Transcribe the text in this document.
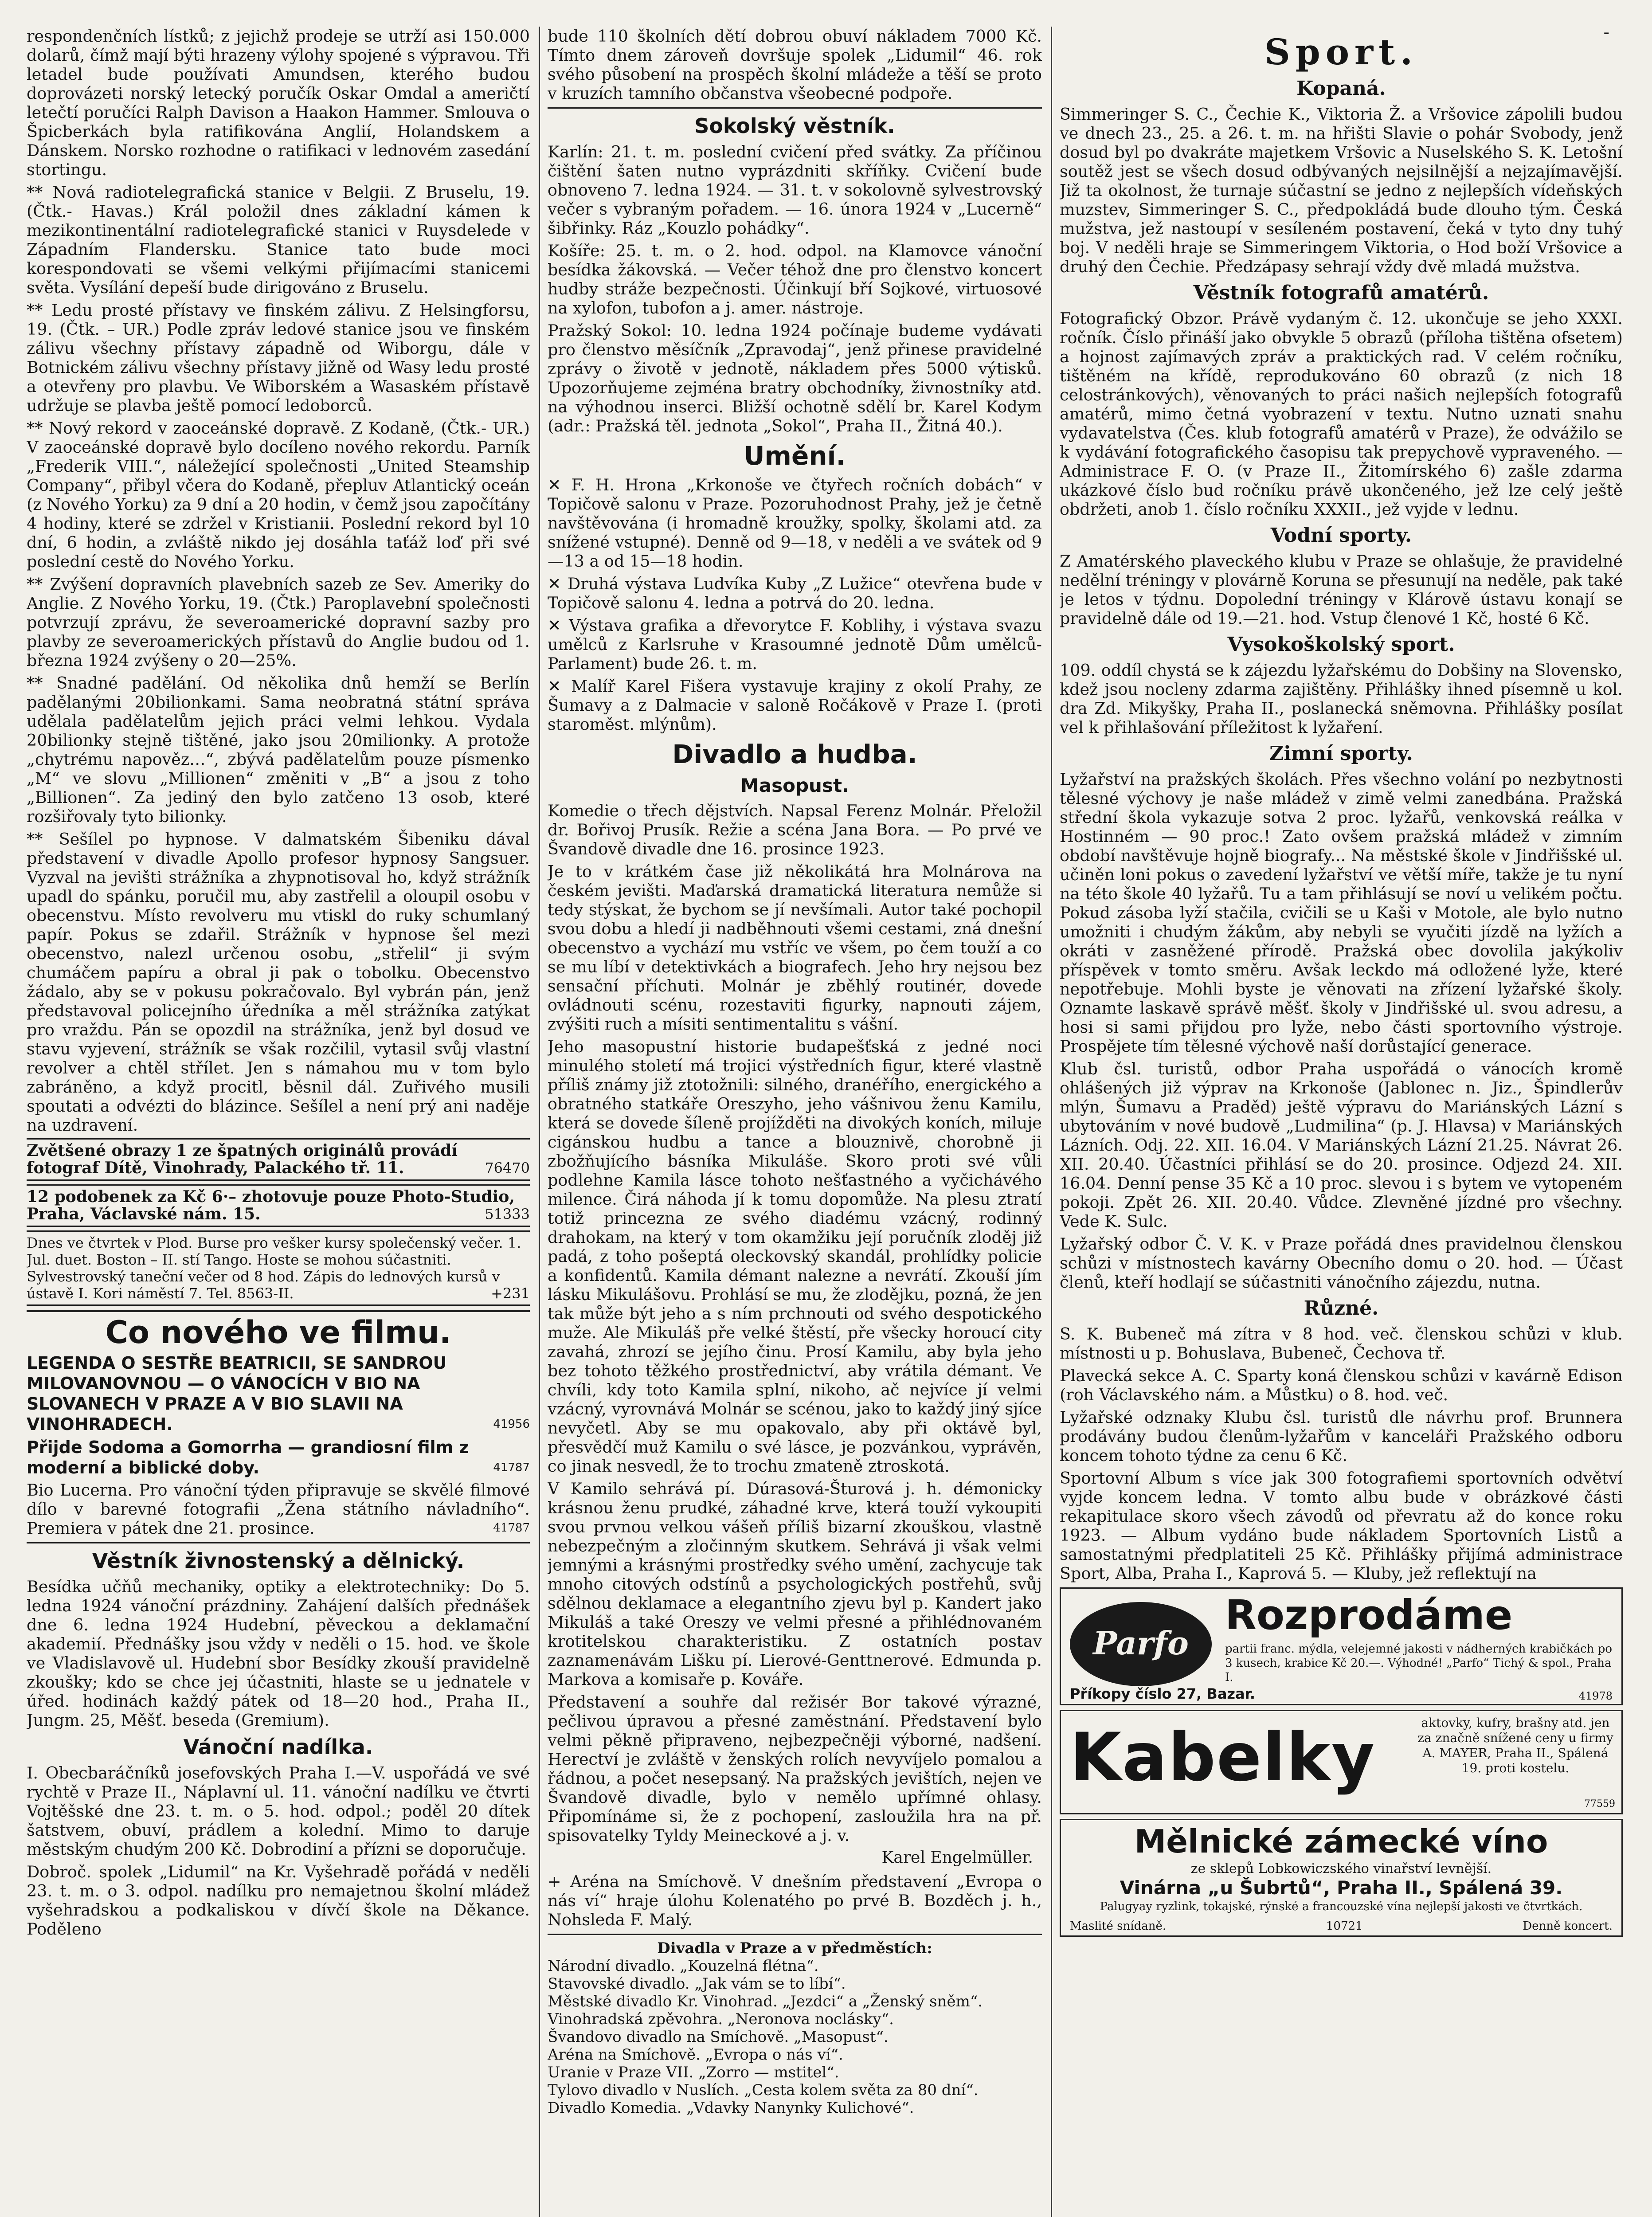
-

respondenčních lístků; z jejichž prodeje se utrží asi 150.000 dolarů, čímž mají býti hrazeny výlohy spojené s výpravou. Tři letadel bude používati Amundsen, kterého budou doprovázeti norský letecký poručík Oskar Omdal a američtí letečtí poručíci Ralph Davison a Haakon Hammer. Smlouva o Špicberkách byla ratifikována Anglií, Holandskem a Dánskem. Norsko rozhodne o ratifikaci v lednovém zasedání stortingu.

** Nová radiotelegrafická stanice v Belgii. Z Bruselu, 19. (Čtk.- Havas.) Král položil dnes základní kámen k mezikontinentální radiotelegrafické stanici v Ruysdelede v Západním Flandersku. Stanice tato bude moci korespondovati se všemi velkými přijímacími stanicemi světa. Vysílání depeší bude dirigováno z Bruselu.

** Ledu prosté přístavy ve finském zálivu. Z Helsingforsu, 19. (Čtk. – UR.) Podle zpráv ledové stanice jsou ve finském zálivu všechny přístavy západně od Wiborgu, dále v Botnickém zálivu všechny přístavy jižně od Wasy ledu prosté a otevřeny pro plavbu. Ve Wiborském a Wasaském přístavě udržuje se plavba ještě pomocí ledoborců.

** Nový rekord v zaoceánské dopravě. Z Kodaně, (Čtk.- UR.) V zaoceánské dopravě bylo docíleno nového rekordu. Parník „Frederik VIII.“, náležející společnosti „United Steamship Company“, přibyl včera do Kodaně, přepluv Atlantický oceán (z Nového Yorku) za 9 dní a 20 hodin, v čemž jsou započítány 4 hodiny, které se zdržel v Kristianii. Poslední rekord byl 10 dní, 6 hodin, a zvláště nikdo jej dosáhla taťáž loď při své poslední cestě do Nového Yorku.

** Zvýšení dopravních plavebních sazeb ze Sev. Ameriky do Anglie. Z Nového Yorku, 19. (Čtk.) Paroplavební společnosti potvrzují zprávu, že severoamerické dopravní sazby pro plavby ze severoamerických přístavů do Anglie budou od 1. března 1924 zvýšeny o 20—25%.

** Snadné padělání. Od několika dnů hemží se Berlín padělanými 20bilionkami. Sama neobratná státní správa udělala padělatelům jejich práci velmi lehkou. Vydala 20bilionky stejně tištěné, jako jsou 20milionky. A protože „chytrému napověz…“, zbývá padělatelům pouze písmenko „M“ ve slovu „Millionen“ změniti v „B“ a jsou z toho „Billionen“. Za jediný den bylo zatčeno 13 osob, které rozšiřovaly tyto bilionky.

** Sešílel po hypnose. V dalmatském Šibeniku dával představení v divadle Apollo profesor hypnosy Sangsuer. Vyzval na jevišti strážníka a zhypnotisoval ho, když strážník upadl do spánku, poručil mu, aby zastřelil a oloupil osobu v obecenstvu. Místo revolveru mu vtiskl do ruky schumlaný papír. Pokus se zdařil. Strážník v hypnose šel mezi obecenstvo, nalezl určenou osobu, „střelil“ ji svým chumáčem papíru a obral ji pak o tobolku. Obecenstvo žádalo, aby se v pokusu pokračovalo. Byl vybrán pán, jenž představoval policejního úředníka a měl strážníka zatýkat pro vraždu. Pán se opozdil na strážníka, jenž byl dosud ve stavu vyjevení, strážník se však rozčilil, vytasil svůj vlastní revolver a chtěl střílet. Jen s námahou mu v tom bylo zabráněno, a když procitl, běsnil dál. Zuřivého musili spoutati a odvézti do blázince. Sešílel a není prý ani naděje na uzdravení.

Zvětšené obrazy 1 ze špatných originálů provádí fotograf Dítě, Vinohrady, Palackého tř. 11.	76470
12 podobenek za Kč 6·– zhotovuje pouze Photo-Studio, Praha, Václavské nám. 15.	51333
Dnes ve čtvrtek v Plod. Burse pro vešker kursy společenský večer. 1. Jul. duet. Boston – II. stí Tango. Hoste se mohou súčastniti. Sylvestrovský taneční večer od 8 hod. Zápis do lednových kursů v ústavě I. Kori náměstí 7. Tel. 8563-II.	+231
Co nového ve filmu.
LEGENDA O SESTŘE BEATRICII, SE SANDROU MILOVANOVNOU — O VÁNOCÍCH V BIO NA SLOVANECH V PRAZE A V BIO SLAVII NA VINOHRADECH.	41956
Přijde Sodoma a Gomorrha — grandiosní film z moderní a biblické doby.	41787

Bio Lucerna. Pro vánoční týden připravuje se skvělé filmové dílo v barevné fotografii „Žena státního návladního“. Premiera v pátek dne 21. prosince.	41787

Věstník živnostenský a dělnický.

Besídka učňů mechaniky, optiky a elektrotechniky: Do 5. ledna 1924 vánoční prázdniny. Zahájení dalších přednášek dne 6. ledna 1924 Hudební, pěveckou a deklamační akademií. Přednášky jsou vždy v neděli o 15. hod. ve škole ve Vladislavově ul. Hudební sbor Besídky zkouší pravidelně zkoušky; kdo se chce jej účastniti, hlaste se u jednatele v úřed. hodinách každý pátek od 18—20 hod., Praha II., Jungm. 25, Měšť. beseda (Gremium).

Vánoční nadílka.

I. Obecbaráčníků josefovských Praha I.—V. uspořádá ve své rychtě v Praze II., Náplavní ul. 11. vánoční nadílku ve čtvrti Vojtěšské dne 23. t. m. o 5. hod. odpol.; poděl 20 dítek šatstvem, obuví, prádlem a kolední. Mimo to daruje městským chudým 200 Kč. Dobrodiní a přízni se doporučuje.

Dobroč. spolek „Lidumil“ na Kr. Vyšehradě pořádá v neděli 23. t. m. o 3. odpol. nadílku pro nemajetnou školní mládež vyšehradskou a podkaliskou v dívčí škole na Děkance. Poděleno

bude 110 školních dětí dobrou obuví nákladem 7000 Kč. Tímto dnem zároveň dovršuje spolek „Lidumil“ 46. rok svého působení na prospěch školní mládeže a těší se proto v kruzích tamního občanstva všeobecné podpoře.

Sokolský věstník.

Karlín: 21. t. m. poslední cvičení před svátky. Za příčinou čištění šaten nutno vyprázdniti skříňky. Cvičení bude obnoveno 7. ledna 1924. — 31. t. v sokolovně sylvestrovský večer s vybraným pořadem. — 16. února 1924 v „Lucerně“ šibřinky. Ráz „Kouzlo pohádky“.

Košíře: 25. t. m. o 2. hod. odpol. na Klamovce vánoční besídka žákovská. — Večer téhož dne pro členstvo koncert hudby stráže bezpečnosti. Účinkují bří Sojkové, virtuosové na xylofon, tubofon a j. amer. nástroje.

Pražský Sokol: 10. ledna 1924 počínaje budeme vydávati pro členstvo měsíčník „Zpravodaj“, jenž přinese pravidelné zprávy o životě v jednotě, nákladem přes 5000 výtisků. Upozorňujeme zejména bratry obchodníky, živnostníky atd. na výhodnou inserci. Bližší ochotně sdělí br. Karel Kodym (adr.: Pražská těl. jednota „Sokol“, Praha II., Žitná 40.).

Umění.

✕ F. H. Hrona „Krkonoše ve čtyřech ročních dobách“ v Topičově salonu v Praze. Pozoruhodnost Prahy, jež je četně navštěvována (i hromadně kroužky, spolky, školami atd. za snížené vstupné). Denně od 9—18, v neděli a ve svátek od 9—13 a od 15—18 hodin.

✕ Druhá výstava Ludvíka Kuby „Z Lužice“ otevřena bude v Topičově salonu 4. ledna a potrvá do 20. ledna.

✕ Výstava grafika a dřevorytce F. Koblihy, i výstava svazu umělců z Karlsruhe v Krasoumné jednotě Dům umělců-Parlament) bude 26. t. m.

✕ Malíř Karel Fišera vystavuje krajiny z okolí Prahy, ze Šumavy a z Dalmacie v saloně Ročákově v Praze I. (proti staroměst. mlýnům).

Divadlo a hudba.
Masopust.

Komedie o třech dějstvích. Napsal Ferenz Molnár. Přeložil dr. Bořivoj Prusík. Režie a scéna Jana Bora. — Po prvé ve Švandově divadle dne 16. prosince 1923.

Je to v krátkém čase již několikátá hra Molnárova na českém jevišti. Maďarská dramatická literatura nemůže si tedy stýskat, že bychom se jí nevšímali. Autor také pochopil svou dobu a hledí ji nadběhnouti všemi cestami, zná dnešní obecenstvo a vychází mu vstříc ve všem, po čem touží a co se mu líbí v detektivkách a biografech. Jeho hry nejsou bez sensační příchuti. Molnár je zběhlý routinér, dovede ovládnouti scénu, rozestaviti figurky, napnouti zájem, zvýšiti ruch a mísiti sentimentalitu s vášní.

Jeho masopustní historie budapešťská z jedné noci minulého století má trojici výstředních figur, které vlastně příliš známy již ztotožnili: silného, dranéřího, energického a obratného statkáře Oreszyho, jeho vášnivou ženu Kamilu, která se dovede šíleně projížděti na divokých koních, miluje cigánskou hudbu a tance a blouznivě, chorobně ji zbožňujícího básníka Mikuláše. Skoro proti své vůli podlehne Kamila lásce tohoto nešťastného a vyčichávého milence. Čirá náhoda jí k tomu dopomůže. Na plesu ztratí totiž princezna ze svého diadému vzácný, rodinný drahokam, na který v tom okamžiku její poručník zloděj již padá, z toho pošeptá oleckovský skandál, prohlídky policie a konfidentů. Kamila démant nalezne a nevrátí. Zkouší jím lásku Mikulášovu. Prohlásí se mu, že zlodějku, pozná, že jen tak může být jeho a s ním prchnouti od svého despotického muže. Ale Mikuláš pře velké štěstí, pře všecky horoucí city zavahá, zhrozí se jejího činu. Prosí Kamilu, aby byla jeho bez tohoto těžkého prostřednictví, aby vrátila démant. Ve chvíli, kdy toto Kamila splní, nikoho, ač nejvíce jí velmi vzácný, vyrovnává Molnár se scénou, jako to každý jiný sjíce nevyčetl. Aby se mu opakovalo, aby při oktávě byl, přesvědčí muž Kamilu o své lásce, je pozvánkou, vyprávěn, co jinak nesvedl, že to trochu zmateně ztroskotá.

V Kamilo sehrává pí. Dúrasová-Šturová j. h. démonicky krásnou ženu prudké, záhadné krve, která touží vykoupiti svou prvnou velkou vášeň příliš bizarní zkouškou, vlastně nebezpečným a zločinným skutkem. Sehrává ji však velmi jemnými a krásnými prostředky svého umění, zachycuje tak mnoho citových odstínů a psychologických postřehů, svůj sdělnou deklamace a elegantního zjevu byl p. Kandert jako Mikuláš a také Oreszy ve velmi přesné a přihlédnovaném krotitelskou charakteristiku. Z ostatních postav zaznamenávám Lišku pí. Lierové-Genttnerové. Edmunda p. Markova a komisaře p. Kováře.

Představení a souhře dal režisér Bor takové výrazné, pečlivou úpravou a přesné zaměstnání. Představení bylo velmi pěkně připraveno, nejbezpečněji výborné, nadšení. Herectví je zvláště v ženských rolích nevyvíjelo pomalou a řádnou, a počet nesepsaný. Na pražských jevištích, nejen ve Švandově divadle, bylo v nemělo upřímné ohlasy. Připomínáme si, že z pochopení, zasloužila hra na př. spisovatelky Tyldy Meineckové a j. v.

Karel Engelmüller.

+ Aréna na Smíchově. V dnešním představení „Evropa o nás ví“ hraje úlohu Kolenatého po prvé B. Bozděch j. h., Nohsleda F. Malý.

Divadla v Praze a v předměstích:

Národní divadlo. „Kouzelná flétna“.

Stavovské divadlo. „Jak vám se to líbí“.

Městské divadlo Kr. Vinohrad. „Jezdci“ a „Ženský sněm“.

Vinohradská zpěvohra. „Neronova noclásky“.

Švandovo divadlo na Smíchově. „Masopust“.

Aréna na Smíchově. „Evropa o nás ví“.

Uranie v Praze VII. „Zorro — mstitel“.

Tylovo divadlo v Nuslích. „Cesta kolem světa za 80 dní“.

Divadlo Komedia. „Vdavky Nanynky Kulichové“.

Sport.
Kopaná.

Simmeringer S. C., Čechie K., Viktoria Ž. a Vršovice zápolili budou ve dnech 23., 25. a 26. t. m. na hřišti Slavie o pohár Svobody, jenž dosud byl po dvakráte majetkem Vršovic a Nuselského S. K. Letošní soutěž jest se všech dosud odbývaných nejsilnější a nejzajímavější. Již ta okolnost, že turnaje súčastní se jedno z nejlepších vídeňských muzstev, Simmeringer S. C., předpokládá bude dlouho tým. Česká mužstva, jež nastoupí v sesíleném postavení, čeká v tyto dny tuhý boj. V neděli hraje se Simmeringem Viktoria, o Hod boží Vršovice a druhý den Čechie. Předzápasy sehrají vždy dvě mladá mužstva.

Věstník fotografů amatérů.

Fotografický Obzor. Právě vydaným č. 12. ukončuje se jeho XXXI. ročník. Číslo přináší jako obvykle 5 obrazů (příloha tištěna ofsetem) a hojnost zajímavých zpráv a praktických rad. V celém ročníku, tištěném na křídě, reprodukováno 60 obrazů (z nich 18 celostránkových), věnovaných to práci našich nejlepších fotografů amatérů, mimo četná vyobrazení v textu. Nutno uznati snahu vydavatelstva (Čes. klub fotografů amatérů v Praze), že odvážilo se k vydávání fotografického časopisu tak prepychově vypraveného. — Administrace F. O. (v Praze II., Žitomírského 6) zašle zdarma ukázkové číslo bud ročníku právě ukončeného, jež lze celý ještě obdržeti, anob 1. číslo ročníku XXXII., jež vyjde v lednu.

Vodní sporty.

Z Amatérského plaveckého klubu v Praze se ohlašuje, že pravidelné nedělní tréningy v plovárně Koruna se přesunují na neděle, pak také je letos v týdnu. Dopolední tréningy v Klárově ústavu konají se pravidelně dále od 19.—21. hod. Vstup členové 1 Kč, hosté 6 Kč.

Vysokoškolský sport.

109. oddíl chystá se k zájezdu lyžařskému do Dobšiny na Slovensko, kdež jsou nocleny zdarma zajištěny. Přihlášky ihned písemně u kol. dra Zd. Mikyšky, Praha II., poslanecká sněmovna. Přihlášky posílat vel k přihlašování příležitost k lyžaření.

Zimní sporty.

Lyžařství na pražských školách. Přes všechno volání po nezbytnosti tělesné výchovy je naše mládež v zimě velmi zanedbána. Pražská střední škola vykazuje sotva 2 proc. lyžařů, venkovská reálka v Hostinném — 90 proc.! Zato ovšem pražská mládež v zimním období navštěvuje hojně biografy... Na městské škole v Jindřišské ul. učiněn loni pokus o zavedení lyžařství ve větší míře, takže je tu nyní na této škole 40 lyžařů. Tu a tam přihlásují se noví u velikém počtu. Pokud zásoba lyží stačila, cvičili se u Kaši v Motole, ale bylo nutno umožniti i chudým žákům, aby nebyli se vyučiti jízdě na lyžích a okráti v zasněžené přírodě. Pražská obec dovolila jakýkoliv příspěvek v tomto směru. Avšak leckdo má odložené lyže, které nepotřebuje. Mohli byste je věnovati na zřízení lyžařské školy. Oznamte laskavě správě měšť. školy v Jindřišské ul. svou adresu, a hosi si sami přijdou pro lyže, nebo části sportovního výstroje. Prospějete tím tělesné výchově naší dorůstající generace.

Klub čsl. turistů, odbor Praha uspořádá o vánocích kromě ohlášených již výprav na Krkonoše (Jablonec n. Jiz., Špindlerův mlýn, Šumavu a Praděd) ještě výpravu do Mariánských Lázní s ubytováním v nové budově „Ludmilina“ (p. J. Hlavsa) v Mariánských Lázních. Odj. 22. XII. 16.04. V Mariánských Lázní 21.25. Návrat 26. XII. 20.40. Účastníci přihlásí se do 20. prosince. Odjezd 24. XII. 16.04. Denní pense 35 Kč a 10 proc. slevou i s bytem ve vytopeném pokoji. Zpět 26. XII. 20.40. Vůdce. Zlevněné jízdné pro všechny. Vede K. Sulc.

Lyžařský odbor Č. V. K. v Praze pořádá dnes pravidelnou členskou schůzi v místnostech kavárny Obecního domu o 20. hod. — Účast členů, kteří hodlají se súčastniti vánočního zájezdu, nutna.

Různé.

S. K. Bubeneč má zítra v 8 hod. več. členskou schůzi v klub. místnosti u p. Bohuslava, Bubeneč, Čechova tř.

Plavecká sekce A. C. Sparty koná členskou schůzi v kavárně Edison (roh Václavského nám. a Můstku) o 8. hod. več.

Lyžařské odznaky Klubu čsl. turistů dle návrhu prof. Brunnera prodávány budou členům-lyžařům v kanceláři Pražského odboru koncem tohoto týdne za cenu 6 Kč.

Sportovní Album s více jak 300 fotografiemi sportovních odvětví vyjde koncem ledna. V tomto albu bude v obrázkové části rekapitulace skoro všech závodů od převratu až do konce roku 1923. — Album vydáno bude nákladem Sportovních Listů a samostatnými předplatiteli 25 Kč. Přihlášky přijímá administrace Sport, Alba, Praha I., Kaprová 5. — Kluby, jež reflektují na

Parfo
Rozprodáme
partii franc. mýdla, velejemné jakosti v nádherných krabičkách po 3 kusech, krabice Kč 20.—. Výhodné! „Parfo“ Tichý & spol., Praha I.
Příkopy číslo 27, Bazar.	41978
Kabelky	aktovky, kufry, brašny atd. jen za značně snížené ceny u firmy A. MAYER, Praha II., Spálená 19. proti kostelu.
77559
Mělnické zámecké víno
ze sklepů Lobkowiczského vinařství levnější.
Vinárna „u Šubrtů“, Praha II., Spálená 39.
Palugyay ryzlink, tokajské, rýnské a francouzské vína nejlepší jakosti ve čtvrtkách.
Maslité snídaně.	10721	Denně koncert.
